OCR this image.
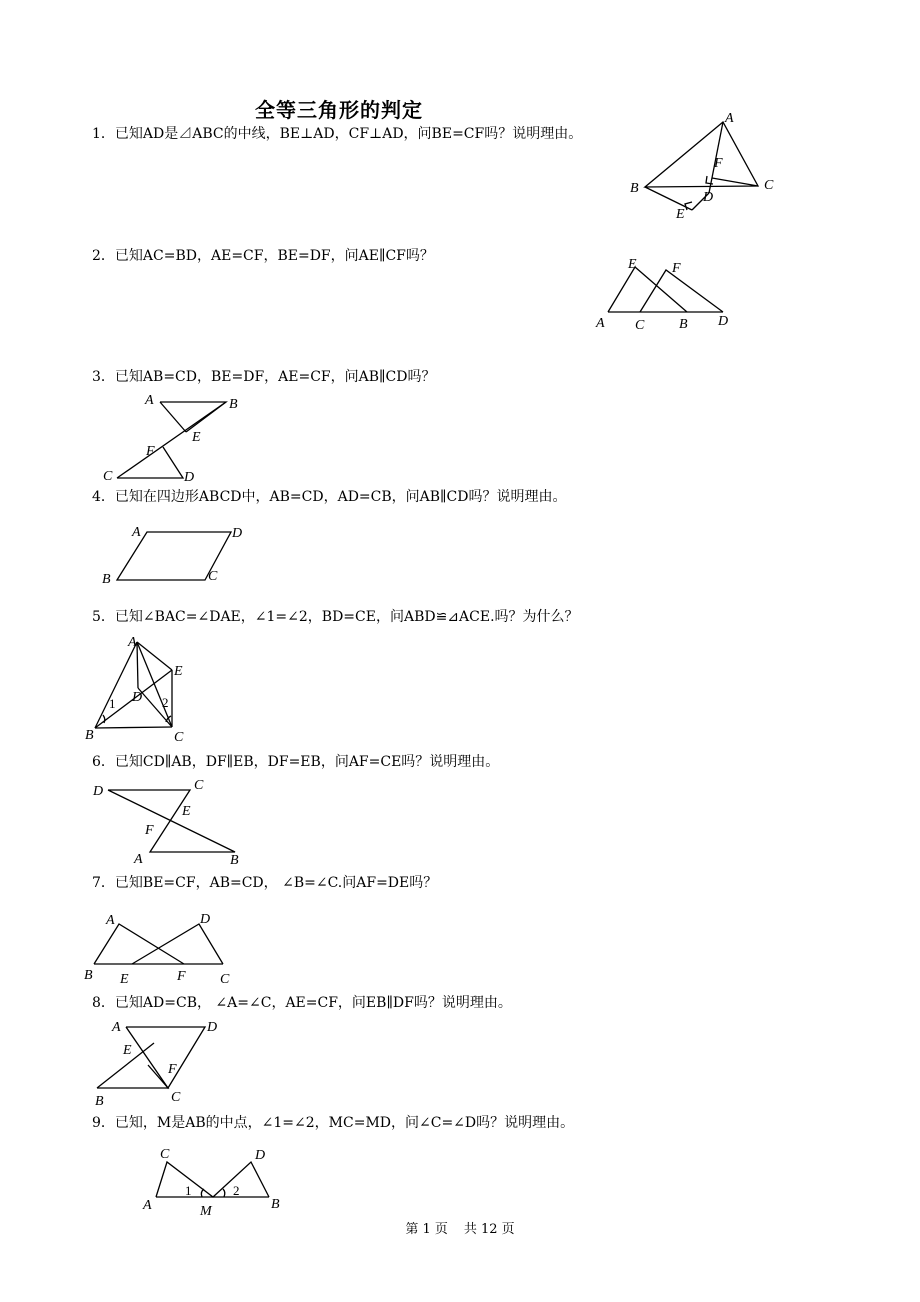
全等三角形的判定
1．已知AD是⊿ABC的中线，BE⊥AD，CF⊥AD，问BE=CF吗？说明理由。
A
B	C
D
E
F
2．已知AC=BD，AE=CF，BE=DF，问AE∥CF吗？
E	F
A C B D
3．已知AB=CD，BE=DF，AE=CF，问AB∥CD吗？
A	B
E
F
C	D
4．已知在四边形ABCD中，AB=CD，AD=CB，问AB∥CD吗？说明理由。
A	D
B	C
5．已知∠BAC=∠DAE，∠1=∠2，BD=CE，问ABD≌⊿ACE.吗？为什么？
A
E
D
1	2
B	C
6．已知CD∥AB，DF∥EB，DF=EB，问AF=CE吗？说明理由。
D	C
E
F
A	B
7．已知BE=CF，AB=CD， ∠B=∠C.问AF=DE吗？
A	D
B E	F C
8．已知AD=CB， ∠A=∠C，AE=CF，问EB∥DF吗？说明理由。
A	D
E
F
B	C
9．已知，M是AB的中点，∠1=∠2，MC=MD，问∠C=∠D吗？说明理由。
C	D
1	2
A	M	B
第 1 页 共 12 页
